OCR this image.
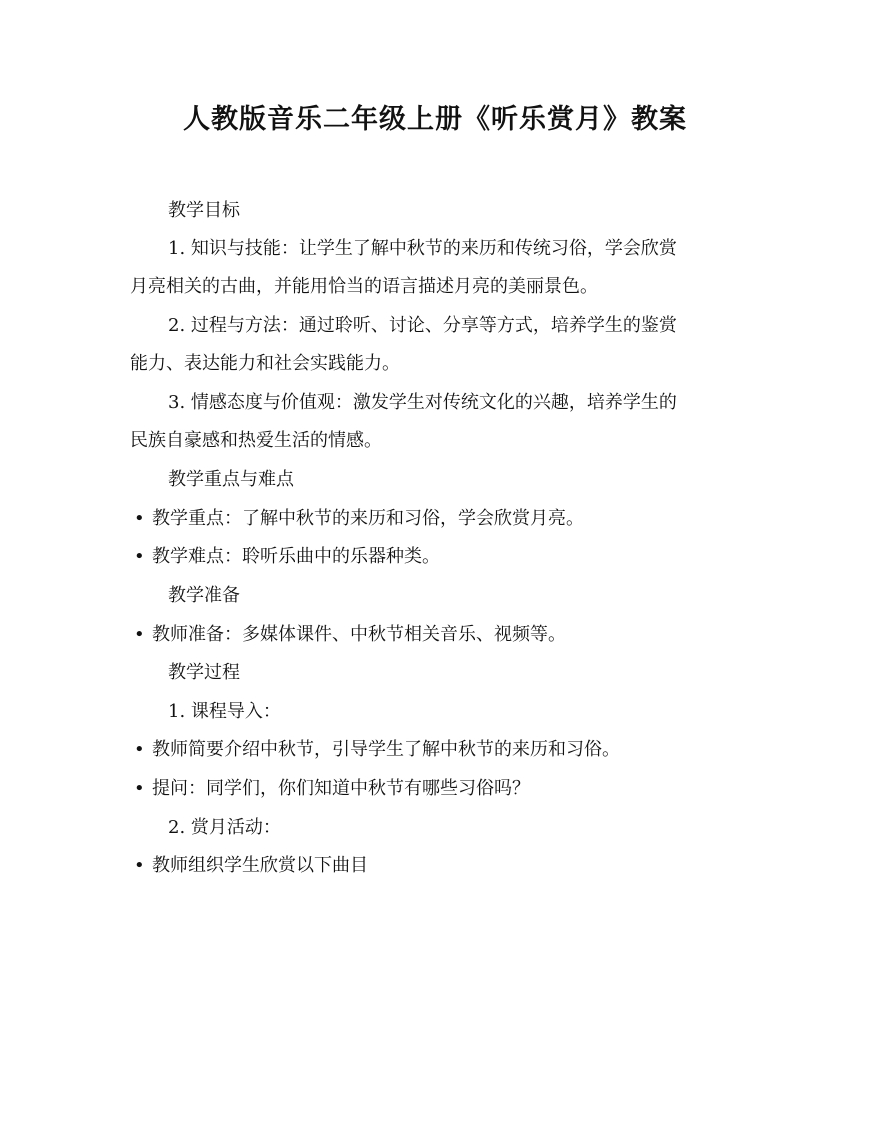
人教版音乐二年级上册《听乐赏月》教案
教学目标
1. 知识与技能：让学生了解中秋节的来历和传统习俗，学会欣赏
月亮相关的古曲，并能用恰当的语言描述月亮的美丽景色。
2. 过程与方法：通过聆听、讨论、分享等方式，培养学生的鉴赏
能力、表达能力和社会实践能力。
3. 情感态度与价值观：激发学生对传统文化的兴趣，培养学生的
民族自豪感和热爱生活的情感。
教学重点与难点
• 教学重点：了解中秋节的来历和习俗，学会欣赏月亮。
• 教学难点：聆听乐曲中的乐器种类。
教学准备
• 教师准备：多媒体课件、中秋节相关音乐、视频等。
教学过程
1. 课程导入：
• 教师简要介绍中秋节，引导学生了解中秋节的来历和习俗。
• 提问：同学们，你们知道中秋节有哪些习俗吗？
2. 赏月活动：
• 教师组织学生欣赏以下曲目
